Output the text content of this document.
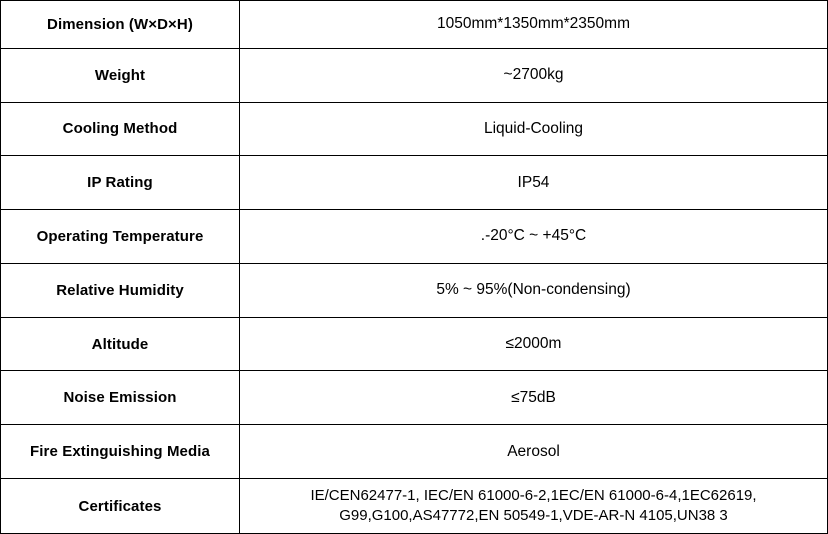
Dimension (W×D×H)	1050mm*1350mm*2350mm
Weight	~2700kg
Cooling Method	Liquid-Cooling
IP Rating	IP54
Operating Temperature	.-20°C ~ +45°C
Relative Humidity	5% ~ 95%(Non-condensing)
Altitude	≤2000m
Noise Emission	≤75dB
Fire Extinguishing Media	Aerosol
Certificates	IE/CEN62477-1, IEC/EN 61000-6-2,1EC/EN 61000-6-4,1EC62619, G99,G100,AS47772,EN 50549-1,VDE-AR-N 4105,UN38 3
